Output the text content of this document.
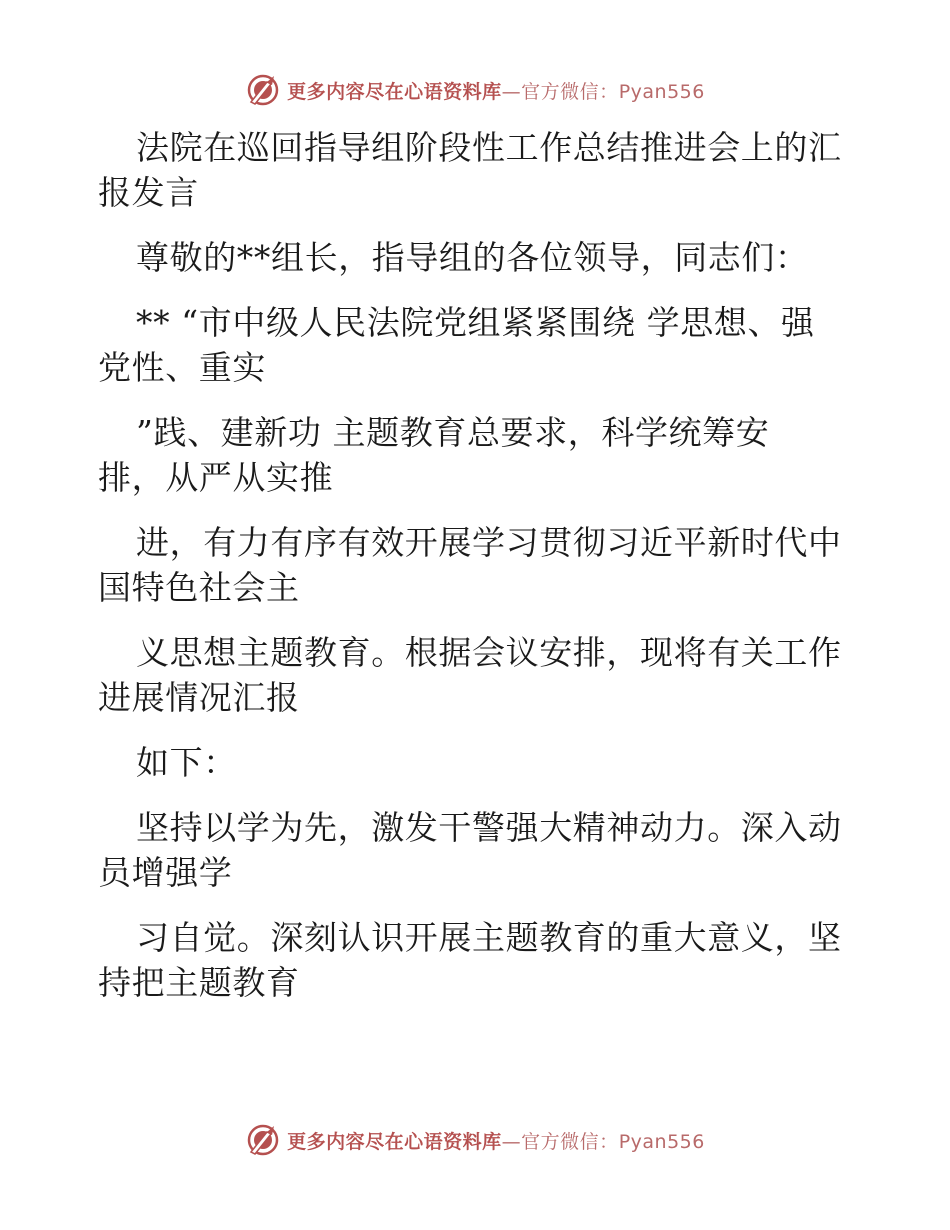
更多内容尽在心语资料库—官方微信：Pyan556
法院在巡回指导组阶段性工作总结推进会上的汇
报发言
尊敬的**组长，指导组的各位领导，同志们：
** “市中级人民法院党组紧紧围绕 学思想、强
党性、重实
”践、建新功 主题教育总要求，科学统筹安
排，从严从实推
进，有力有序有效开展学习贯彻习近平新时代中
国特色社会主
义思想主题教育。根据会议安排，现将有关工作
进展情况汇报
如下：
坚持以学为先，激发干警强大精神动力。深入动
员增强学
习自觉。深刻认识开展主题教育的重大意义，坚
持把主题教育
更多内容尽在心语资料库—官方微信：Pyan556
